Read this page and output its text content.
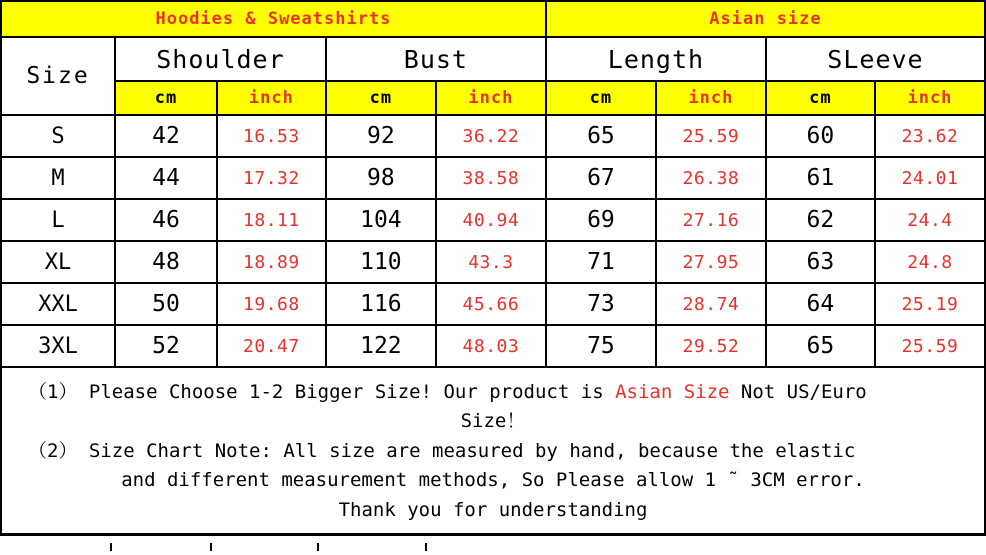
Hoodies & Sweatshirts					Asian size			

Size	Shoulder		Bust		Length		SLeeve	
	cm	inch	cm	inch	cm	inch	cm	inch
S	42	16.53	92	36.22	65	25.59	60	23.62
M	44	17.32	98	38.58	67	26.38	61	24.01
L	46	18.11	104	40.94	69	27.16	62	24.4
XL	48	18.89	110	43.3	71	27.95	63	24.8
XXL	50	19.68	116	45.66	73	28.74	64	25.19
3XL	52	20.47	122	48.03	75	29.52	65	25.59
（1） Please Choose 1-2 Bigger Size! Our product is Asian Size Not US/Euro
Size！
（2） Size Chart Note: All size are measured by hand, because the elastic
and different measurement methods, So Please allow 1 ˜ 3CM error.
Thank you for understanding
